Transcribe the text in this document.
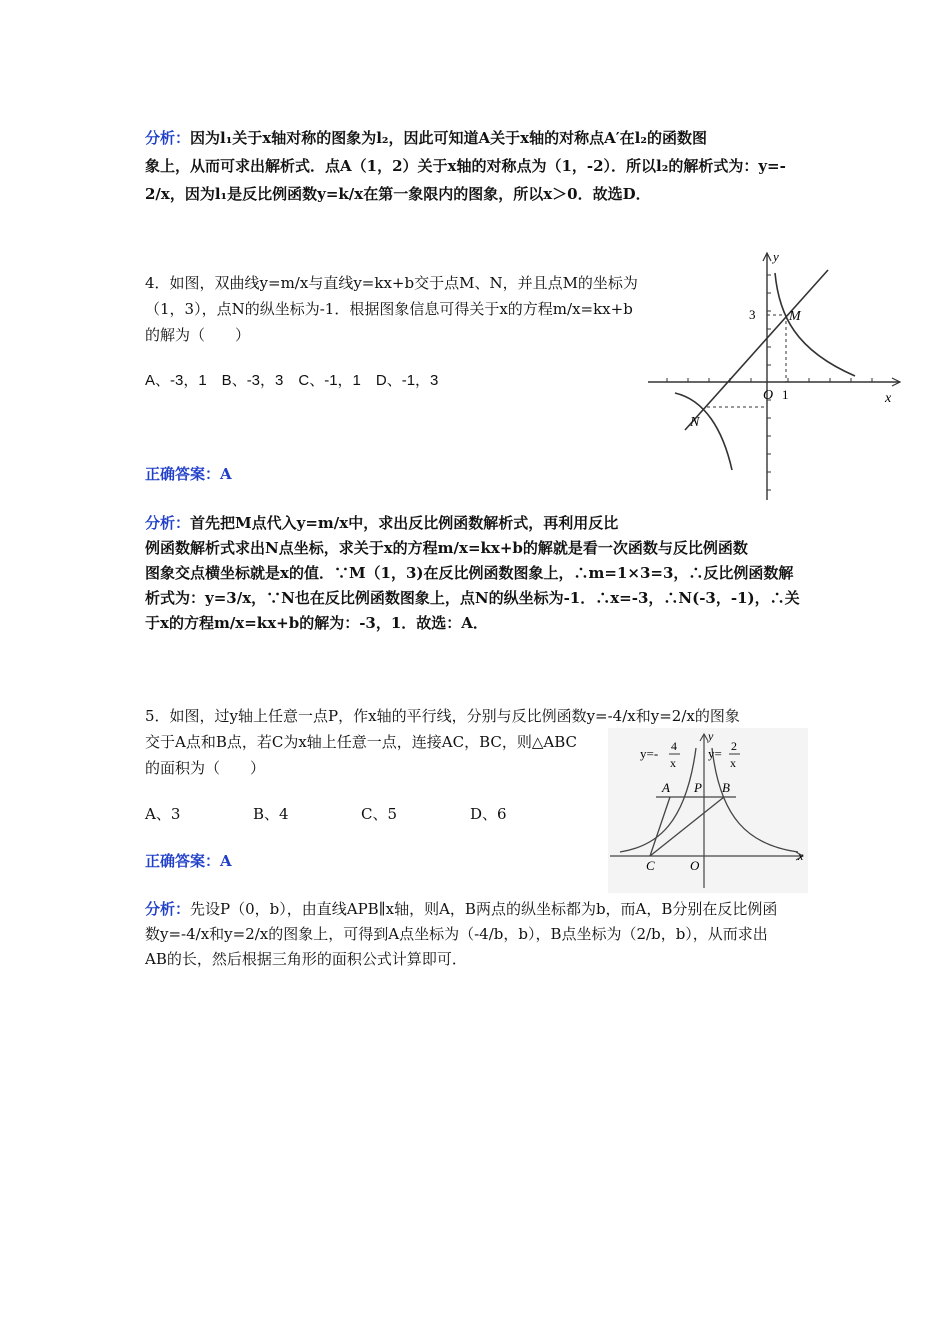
分析：因为l₁关于x轴对称的图象为l₂，因此可知道A关于x轴的对称点A′在l₂的函数图
象上，从而可求出解析式．点A（1，2）关于x轴的对称点为（1，-2）．所以l₂的解析式为：y=-
2/x，因为l₁是反比例函数y=k/x在第一象限内的图象，所以x＞0．故选D．
4．如图，双曲线y=m/x与直线y=kx+b交于点M、N，并且点M的坐标为
（1，3），点N的纵坐标为-1．根据图象信息可得关于x的方程m/x=kx+b
的解为（　　）
A、-3，1　B、-3，3　C、-1，1　D、-1，3
正确答案：A
分析：首先把M点代入y=m/x中，求出反比例函数解析式，再利用反比
例函数解析式求出N点坐标，求关于x的方程m/x=kx+b的解就是看一次函数与反比例函数
图象交点横坐标就是x的值．∵M（1，3)在反比例函数图象上，∴m=1×3=3，∴反比例函数解
析式为：y=3/x，∵N也在反比例函数图象上，点N的纵坐标为-1．∴x=-3，∴N(-3，-1)，∴关
于x的方程m/x=kx+b的解为：-3，1．故选：A．
y
x
3
O 1
M
N
5．如图，过y轴上任意一点P，作x轴的平行线，分别与反比例函数y=-4/x和y=2/x的图象
交于A点和B点，若C为x轴上任意一点，连接AC，BC，则△ABC
的面积为（　　）
A、3	B、4	C、5	D、6
正确答案：A
分析：先设P（0，b），由直线APB∥x轴，则A，B两点的纵坐标都为b，而A，B分别在反比例函
数y=-4/x和y=2/x的图象上，可得到A点坐标为（-4/b，b），B点坐标为（2/b，b），从而求出
AB的长，然后根据三角形的面积公式计算即可．
y=- 4
x
y
y= 2
x
A P B
C	O
x
